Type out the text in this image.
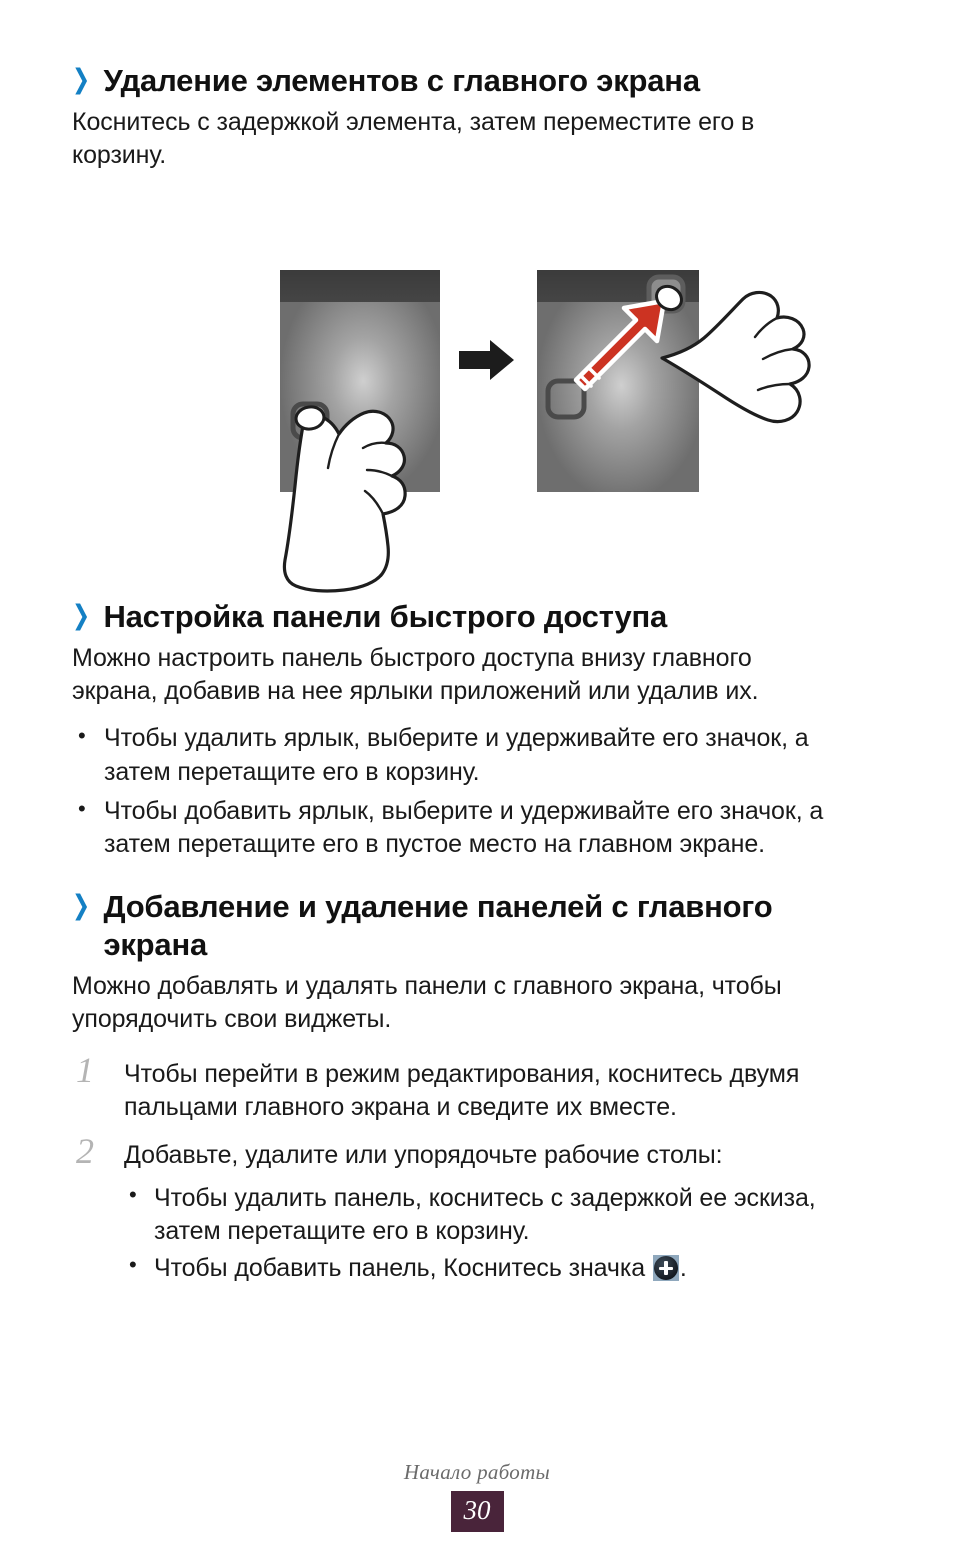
❯ Удаление элементов с главного экрана

Коснитесь с задержкой элемента, затем переместите его в корзину.

❯ Настройка панели быстрого доступа

Можно настроить панель быстрого доступа внизу главного экрана, добавив на нее ярлыки приложений или удалив их.

• Чтобы удалить ярлык, выберите и удерживайте его значок, а затем перетащите его в корзину.
• Чтобы добавить ярлык, выберите и удерживайте его значок, а затем перетащите его в пустое место на главном экране.
❯ Добавление и удаление панелей с главного
экрана

Можно добавлять и удалять панели с главного экрана, чтобы упорядочить свои виджеты.

1 Чтобы перейти в режим редактирования, коснитесь двумя пальцами главного экрана и сведите их вместе.
2 Добавьте, удалите или упорядочьте рабочие столы:
• Чтобы удалить панель, коснитесь с задержкой ее эскиза, затем перетащите его в корзину.
• Чтобы добавить панель, Коснитесь значка
.
Начало работы
30
